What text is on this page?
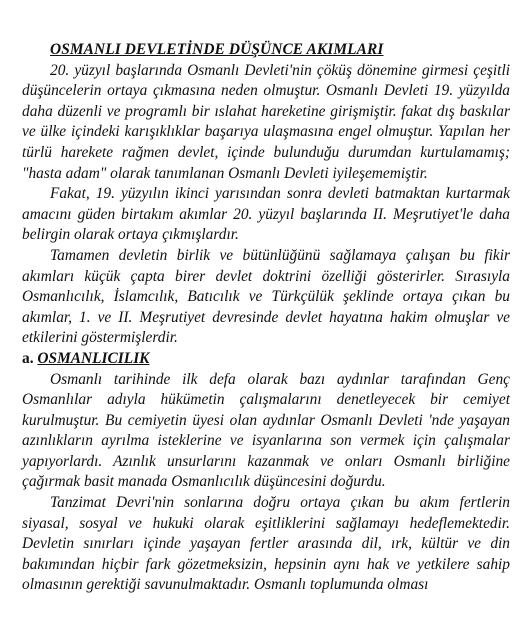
OSMANLI DEVLETİNDE DÜŞÜNCE AKIMLARI

20. yüzyıl başlarında Osmanlı Devleti'nin çöküş dönemine girmesi çeşitli düşüncelerin ortaya çıkmasına neden olmuştur. Osmanlı Devleti 19. yüzyılda daha düzenli ve programlı bir ıslahat hareketine girişmiştir. fakat dış baskılar ve ülke içindeki karışıklıklar başarıya ulaşmasına engel olmuştur. Yapılan her türlü harekete rağmen devlet, içinde bulunduğu durumdan kurtulamamış; "hasta adam" olarak tanımlanan Osmanlı Devleti iyileşememiştir.

Fakat, 19. yüzyılın ikinci yarısından sonra devleti batmaktan kurtarmak amacını güden birtakım akımlar 20. yüzyıl başlarında II. Meşrutiyet'le daha belirgin olarak ortaya çıkmışlardır.

Tamamen devletin birlik ve bütünlüğünü sağlamaya çalışan bu fikir akımları küçük çapta birer devlet doktrini özelliği gösterirler. Sırasıyla Osmanlıcılık, İslamcılık, Batıcılık ve Türkçülük şeklinde ortaya çıkan bu akımlar, 1. ve II. Meşrutiyet devresinde devlet hayatına hakim olmuşlar ve etkilerini göstermişlerdir.

a. OSMANLICILIK

Osmanlı tarihinde ilk defa olarak bazı aydınlar tarafından Genç Osmanlılar adıyla hükümetin çalışmalarını denetleyecek bir cemiyet kurulmuştur. Bu cemiyetin üyesi olan aydınlar Osmanlı Devleti 'nde yaşayan azınlıkların ayrılma isteklerine ve isyanlarına son vermek için çalışmalar yapıyorlardı. Azınlık unsurlarını kazanmak ve onları Osmanlı birliğine çağırmak basit manada Osmanlıcılık düşüncesini doğurdu.

Tanzimat Devri'nin sonlarına doğru ortaya çıkan bu akım fertlerin siyasal, sosyal ve hukuki olarak eşitliklerini sağlamayı hedeflemektedir. Devletin sınırları içinde yaşayan fertler arasında dil, ırk, kültür ve din bakımından hiçbir fark gözetmeksizin, hepsinin aynı hak ve yetkilere sahip olmasının gerektiği savunulmaktadır. Osmanlı toplumunda olması
